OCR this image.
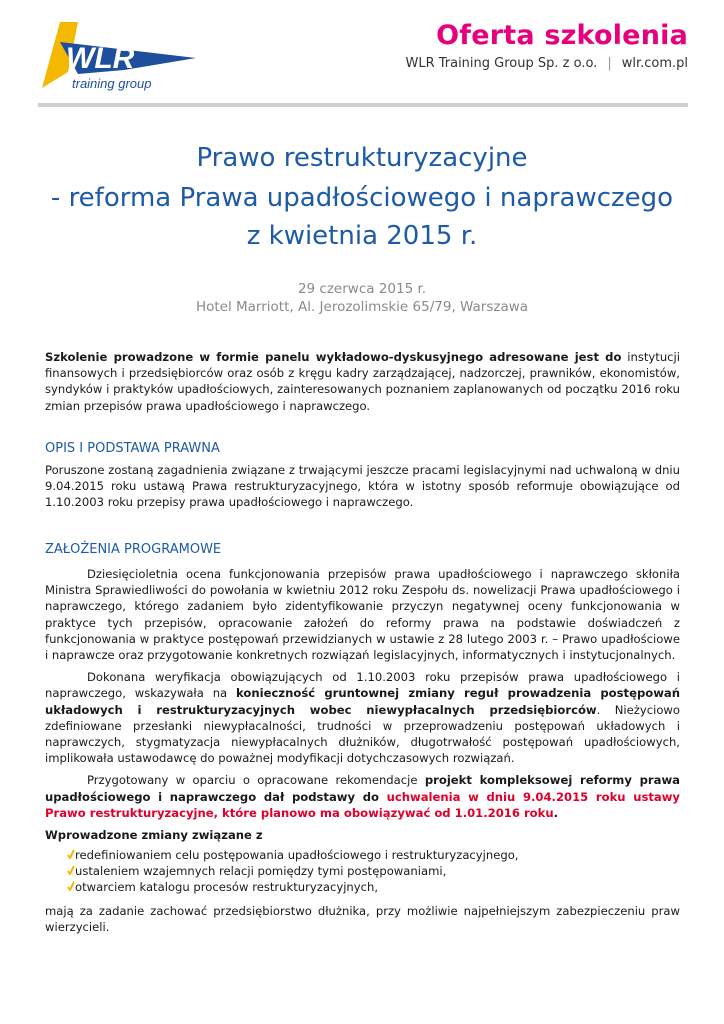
WLR
training group
Oferta szkolenia
WLR Training Group Sp. z o.o. | wlr.com.pl
Prawo restrukturyzacyjne
- reforma Prawa upadłościowego i naprawczego
z kwietnia 2015 r.
29 czerwca 2015 r.
Hotel Marriott, Al. Jerozolimskie 65/79, Warszawa
Szkolenie prowadzone w formie panelu wykładowo-dyskusyjnego adresowane jest do instytucji finansowych i przedsiębiorców oraz osób z kręgu kadry zarządzającej, nadzorczej, prawników, ekonomistów, syndyków i praktyków upadłościowych, zainteresowanych poznaniem zaplanowanych od początku 2016 roku zmian przepisów prawa upadłościowego i naprawczego.
OPIS I PODSTAWA PRAWNA
Poruszone zostaną zagadnienia związane z trwającymi jeszcze pracami legislacyjnymi nad uchwaloną w dniu 9.04.2015 roku ustawą Prawa restrukturyzacyjnego, która w istotny sposób reformuje obowiązujące od 1.10.2003 roku przepisy prawa upadłościowego i naprawczego.
ZAŁOŻENIA PROGRAMOWE

Dziesięcioletnia ocena funkcjonowania przepisów prawa upadłościowego i naprawczego skłoniła Ministra Sprawiedliwości do powołania w kwietniu 2012 roku Zespołu ds. nowelizacji Prawa upadłościowego i naprawczego, którego zadaniem było zidentyfikowanie przyczyn negatywnej oceny funkcjonowania w praktyce tych przepisów, opracowanie założeń do reformy prawa na podstawie doświadczeń z funkcjonowania w praktyce postępowań przewidzianych w ustawie z 28 lutego 2003 r. – Prawo upadłościowe i naprawcze oraz przygotowanie konkretnych rozwiązań legislacyjnych, informatycznych i instytucjonalnych.

Dokonana weryfikacja obowiązujących od 1.10.2003 roku przepisów prawa upadłościowego i naprawczego, wskazywała na konieczność gruntownej zmiany reguł prowadzenia postępowań układowych i restrukturyzacyjnych wobec niewypłacalnych przedsiębiorców. Nieżyciowo zdefiniowane przesłanki niewypłacalności, trudności w przeprowadzeniu postępowań układowych i naprawczych, stygmatyzacja niewypłacalnych dłużników, długotrwałość postępowań upadłościowych, implikowała ustawodawcę do poważnej modyfikacji dotychczasowych rozwiązań.

Przygotowany w oparciu o opracowane rekomendacje projekt kompleksowej reformy prawa upadłościowego i naprawczego dał podstawy do uchwalenia w dniu 9.04.2015 roku ustawy Prawo restrukturyzacyjne, które planowo ma obowiązywać od 1.01.2016 roku.

Wprowadzone zmiany związane z
redefiniowaniem celu postępowania upadłościowego i restrukturyzacyjnego,
ustaleniem wzajemnych relacji pomiędzy tymi postępowaniami,
otwarciem katalogu procesów restrukturyzacyjnych,
mają za zadanie zachować przedsiębiorstwo dłużnika, przy możliwie najpełniejszym zabezpieczeniu praw wierzycieli.
